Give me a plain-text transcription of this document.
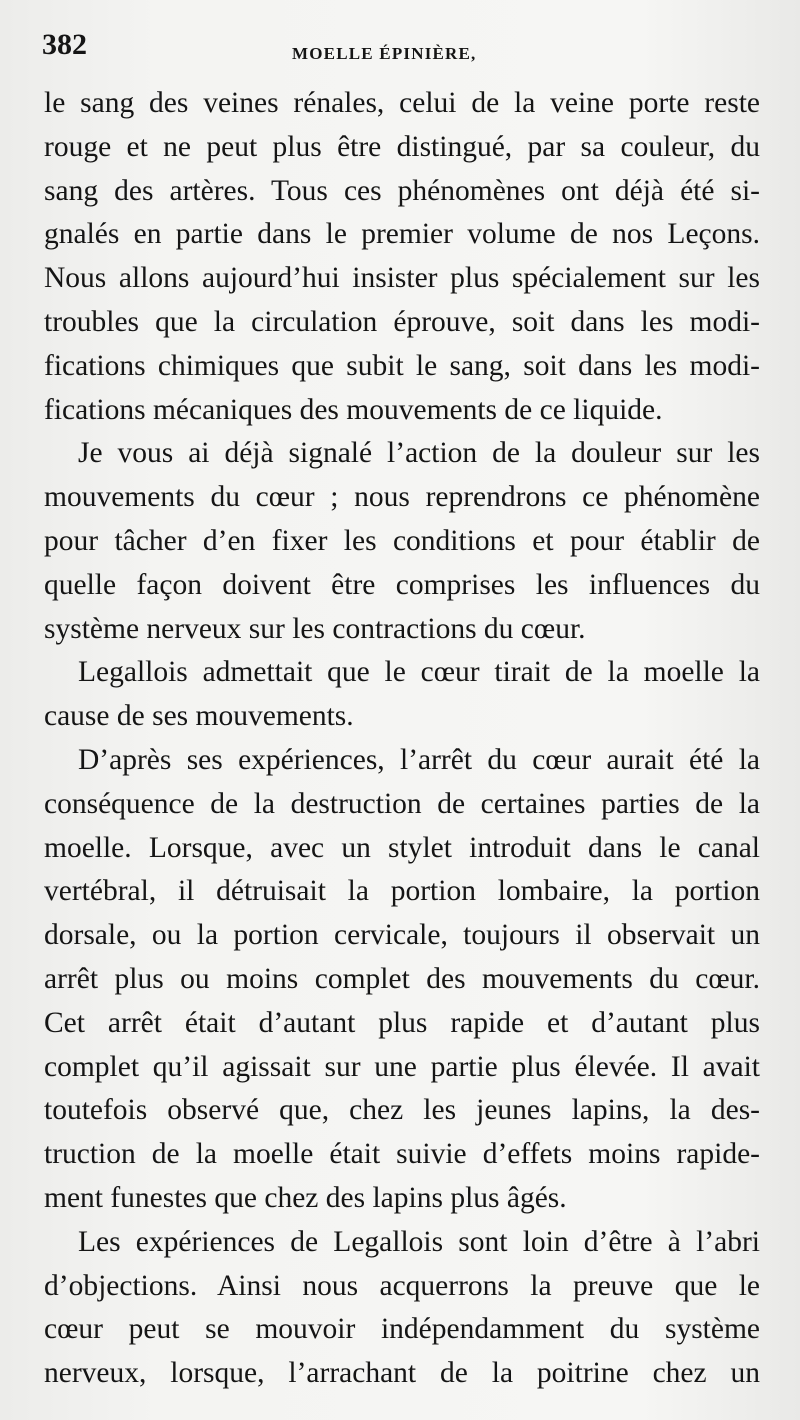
382	MOELLE ÉPINIÈRE,
le sang des veines rénales, celui de la veine porte reste
rouge et ne peut plus être distingué, par sa couleur, du
sang des artères. Tous ces phénomènes ont déjà été si-
gnalés en partie dans le premier volume de nos Leçons.
Nous allons aujourd’hui insister plus spécialement sur les
troubles que la circulation éprouve, soit dans les modi-
fications chimiques que subit le sang, soit dans les modi-
fications mécaniques des mouvements de ce liquide.
Je vous ai déjà signalé l’action de la douleur sur les
mouvements du cœur ; nous reprendrons ce phénomène
pour tâcher d’en fixer les conditions et pour établir de
quelle façon doivent être comprises les influences du
système nerveux sur les contractions du cœur.
Legallois admettait que le cœur tirait de la moelle la
cause de ses mouvements.
D’après ses expériences, l’arrêt du cœur aurait été la
conséquence de la destruction de certaines parties de la
moelle. Lorsque, avec un stylet introduit dans le canal
vertébral, il détruisait la portion lombaire, la portion
dorsale, ou la portion cervicale, toujours il observait un
arrêt plus ou moins complet des mouvements du cœur.
Cet arrêt était d’autant plus rapide et d’autant plus
complet qu’il agissait sur une partie plus élevée. Il avait
toutefois observé que, chez les jeunes lapins, la des-
truction de la moelle était suivie d’effets moins rapide-
ment funestes que chez des lapins plus âgés.
Les expériences de Legallois sont loin d’être à l’abri
d’objections. Ainsi nous acquerrons la preuve que le
cœur peut se mouvoir indépendamment du système
nerveux, lorsque, l’arrachant de la poitrine chez un
